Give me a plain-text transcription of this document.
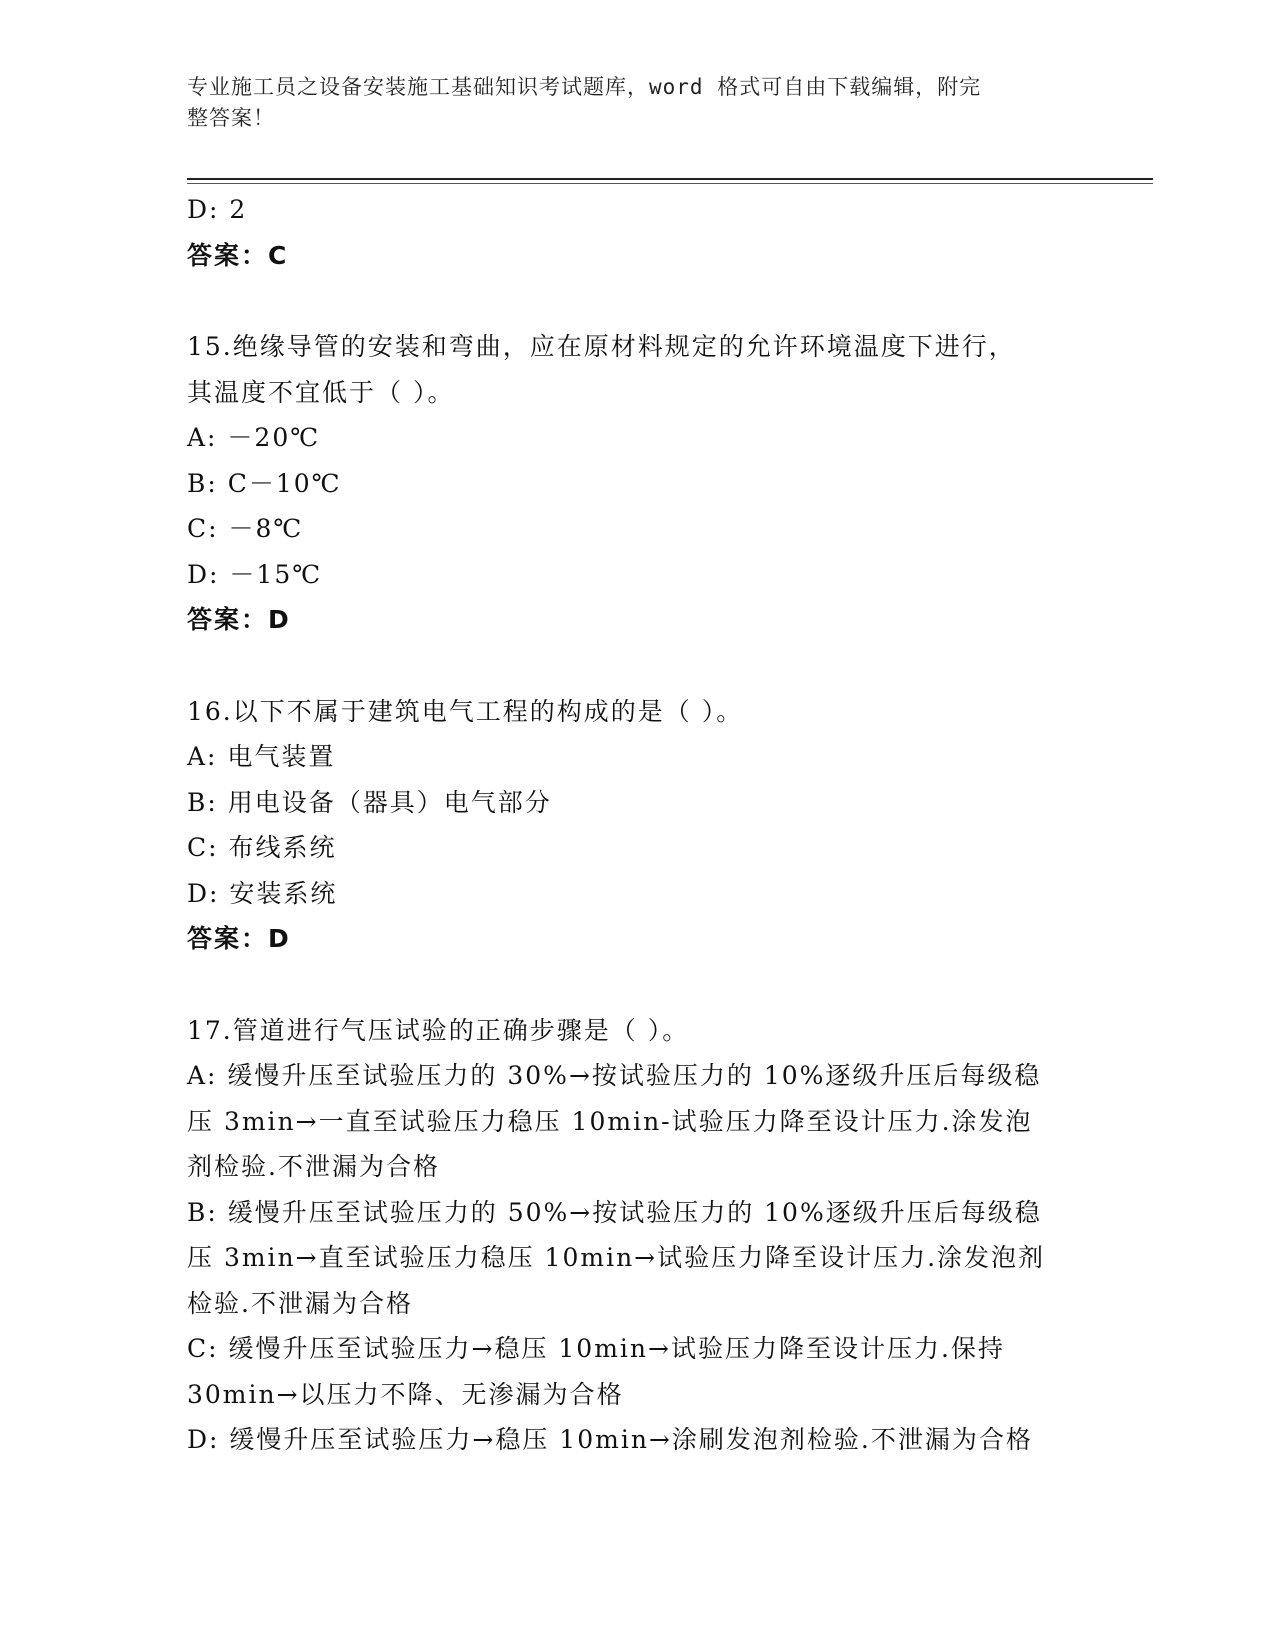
专业施工员之设备安装施工基础知识考试题库，word 格式可自由下载编辑，附完
整答案！
D: 2
答案：C
15.绝缘导管的安装和弯曲，应在原材料规定的允许环境温度下进行，
其温度不宜低于（ ）。
A: －20℃
B: C－10℃
C: －8℃
D: －15℃
答案：D
16.以下不属于建筑电气工程的构成的是（ ）。
A: 电气装置
B: 用电设备（器具）电气部分
C: 布线系统
D: 安装系统
答案：D
17.管道进行气压试验的正确步骤是（ ）。
A: 缓慢升压至试验压力的 30%→按试验压力的 10%逐级升压后每级稳
压 3min→一直至试验压力稳压 10min-试验压力降至设计压力.涂发泡
剂检验.不泄漏为合格
B: 缓慢升压至试验压力的 50%→按试验压力的 10%逐级升压后每级稳
压 3min→直至试验压力稳压 10min→试验压力降至设计压力.涂发泡剂
检验.不泄漏为合格
C: 缓慢升压至试验压力→稳压 10min→试验压力降至设计压力.保持
30min→以压力不降、无渗漏为合格
D: 缓慢升压至试验压力→稳压 10min→涂刷发泡剂检验.不泄漏为合格
